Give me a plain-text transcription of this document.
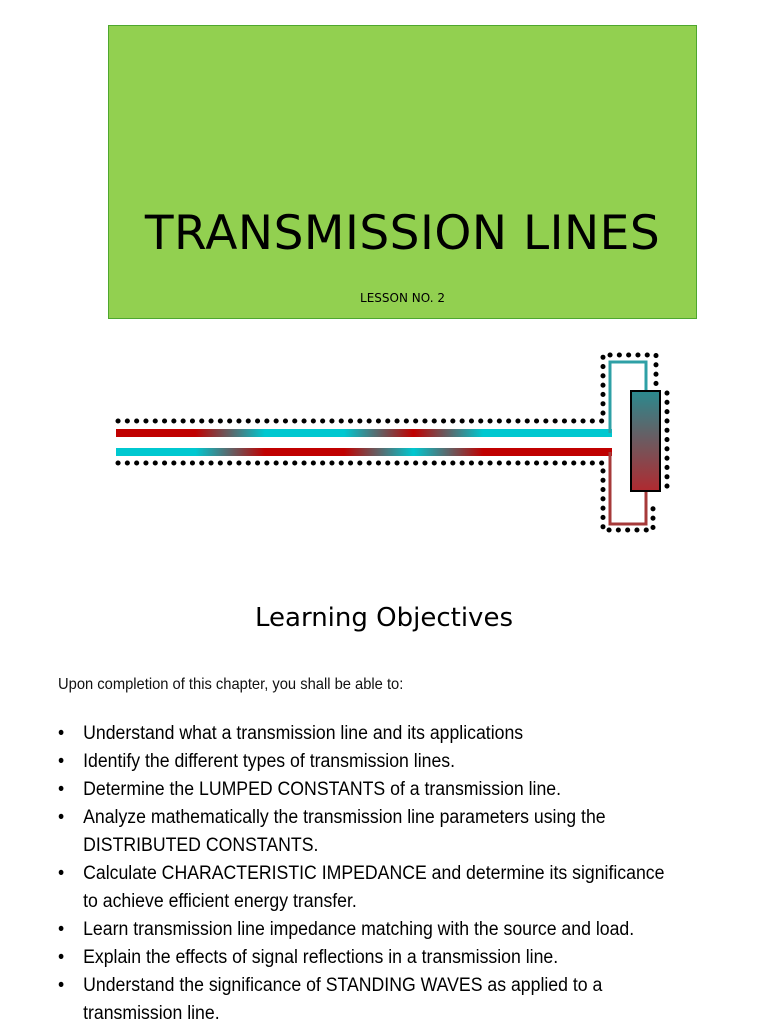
TRANSMISSION LINES
LESSON NO. 2
Learning Objectives
Upon completion of this chapter, you shall be able to:
• Understand what a transmission line and its applications
• Identify the different types of transmission lines.
• Determine the LUMPED CONSTANTS of a transmission line.
• Analyze mathematically the transmission line parameters using the DISTRIBUTED CONSTANTS.
• Calculate CHARACTERISTIC IMPEDANCE and determine its significance to achieve efficient energy transfer.
• Learn transmission line impedance matching with the source and load.
• Explain the effects of signal reflections in a transmission line.
• Understand the significance of STANDING WAVES as applied to a transmission line.
